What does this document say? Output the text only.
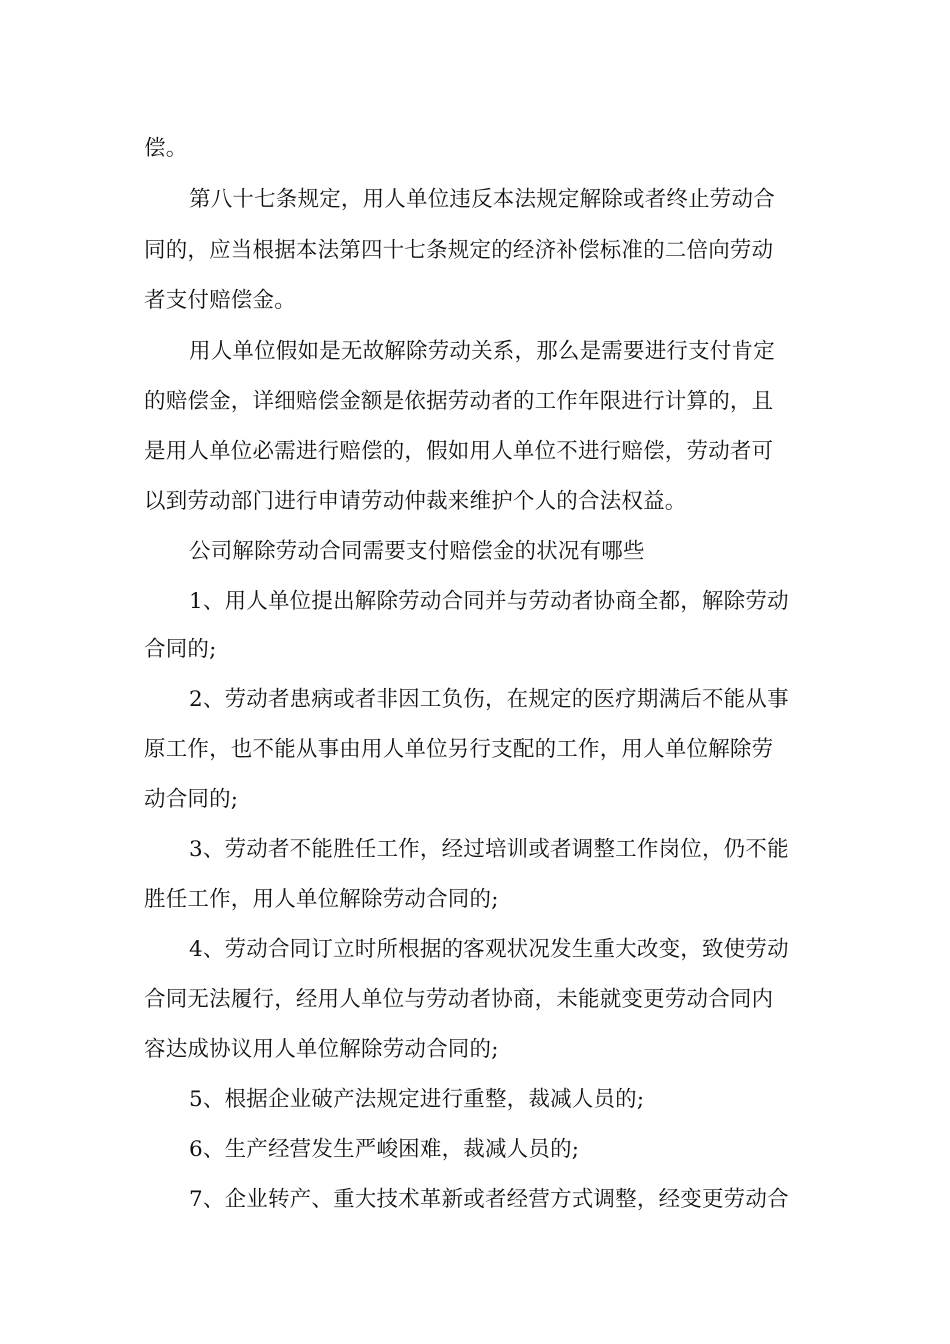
偿。
第八十七条规定，用人单位违反本法规定解除或者终止劳动合
同的，应当根据本法第四十七条规定的经济补偿标准的二倍向劳动
者支付赔偿金。
用人单位假如是无故解除劳动关系，那么是需要进行支付肯定
的赔偿金，详细赔偿金额是依据劳动者的工作年限进行计算的，且
是用人单位必需进行赔偿的，假如用人单位不进行赔偿，劳动者可
以到劳动部门进行申请劳动仲裁来维护个人的合法权益。
公司解除劳动合同需要支付赔偿金的状况有哪些
1、用人单位提出解除劳动合同并与劳动者协商全都，解除劳动
合同的;
2、劳动者患病或者非因工负伤，在规定的医疗期满后不能从事
原工作，也不能从事由用人单位另行支配的工作，用人单位解除劳
动合同的;
3、劳动者不能胜任工作，经过培训或者调整工作岗位，仍不能
胜任工作，用人单位解除劳动合同的;
4、劳动合同订立时所根据的客观状况发生重大改变，致使劳动
合同无法履行，经用人单位与劳动者协商，未能就变更劳动合同内
容达成协议用人单位解除劳动合同的;
5、根据企业破产法规定进行重整，裁减人员的;
6、生产经营发生严峻困难，裁减人员的;
7、企业转产、重大技术革新或者经营方式调整，经变更劳动合
